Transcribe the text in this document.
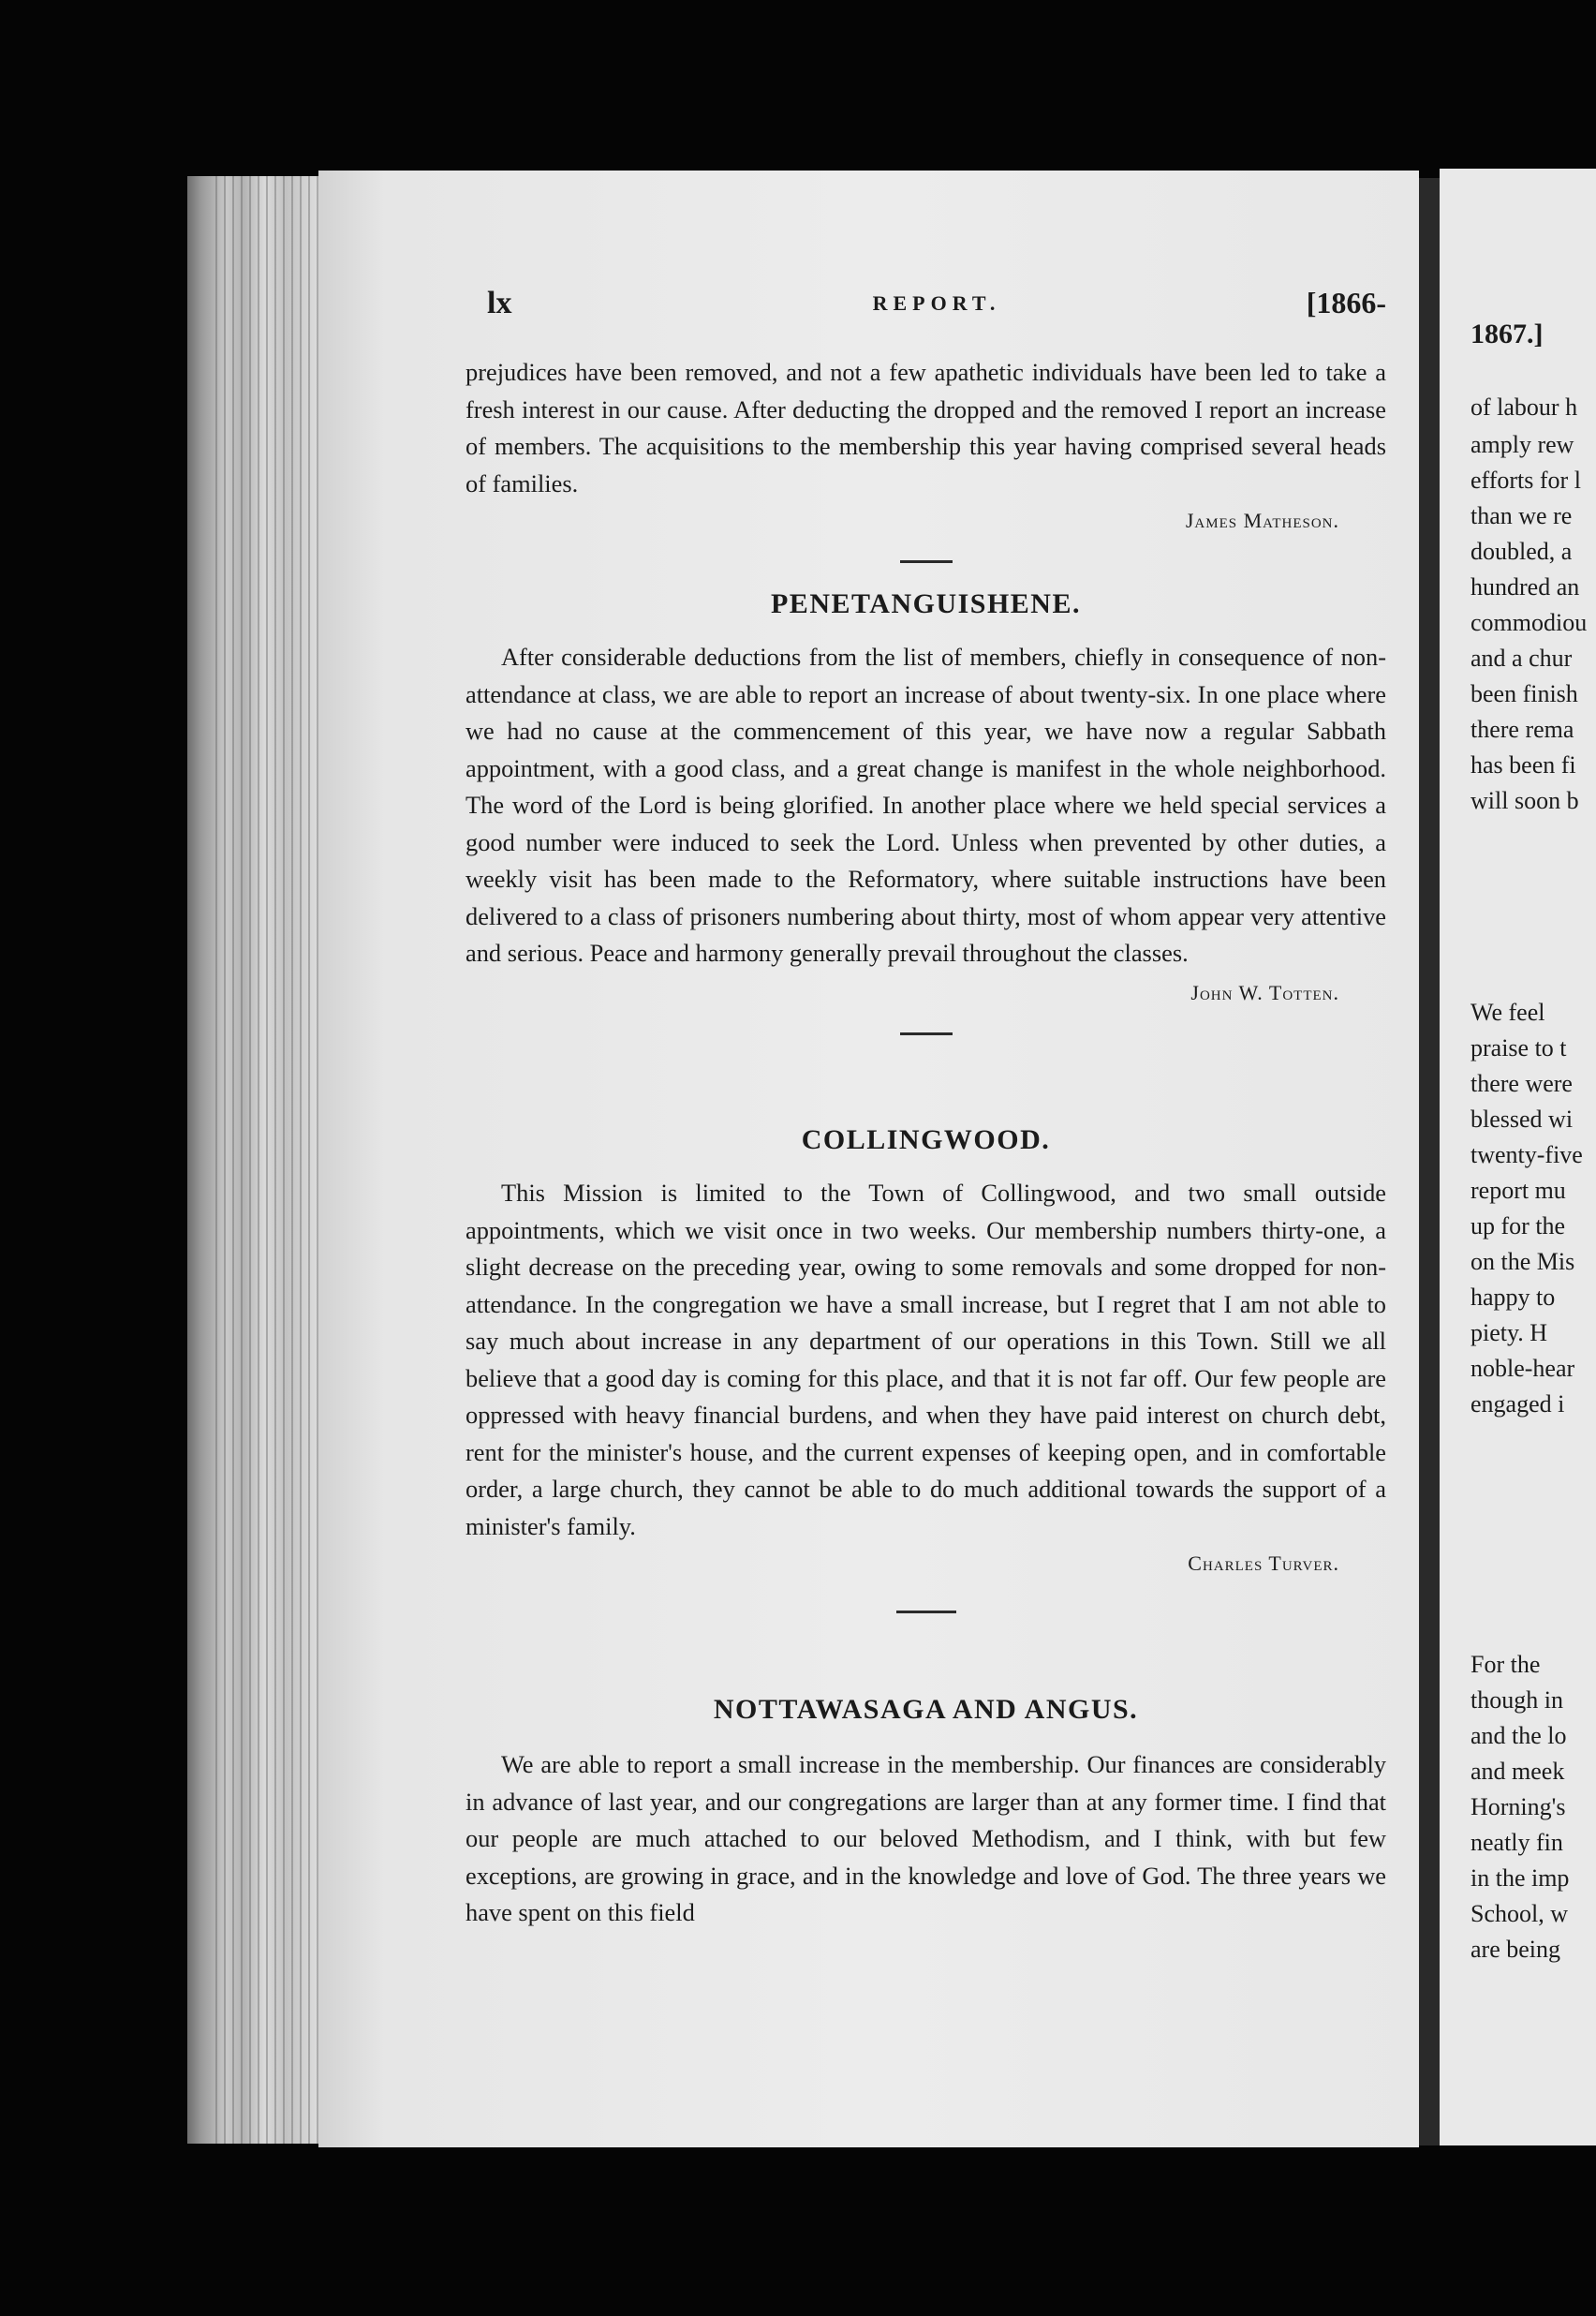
1867.]
of labour h
amply rew
efforts for l
than we re
doubled, a
hundred an
commodiou
and a chur
been finish
there rema
has been fi
will soon b
We feel
praise to t
there were
blessed wi
twenty-five
report mu
up for the
on the Mis
happy to
piety. H
noble-hear
engaged i
For the
though in
and the lo
and meek
Horning's
neatly fin
in the imp
School, w
are being
lx	REPORT.	[1866-

prejudices have been removed, and not a few apathetic individuals have been led to take a fresh interest in our cause. After deducting the dropped and the removed I report an increase of members. The acquisitions to the membership this year having comprised several heads of families.

James Matheson.

PENETANGUISHENE.

After considerable deductions from the list of members, chiefly in consequence of non-attendance at class, we are able to report an increase of about twenty-six. In one place where we had no cause at the commencement of this year, we have now a regular Sabbath appointment, with a good class, and a great change is manifest in the whole neighborhood. The word of the Lord is being glorified. In another place where we held special services a good number were induced to seek the Lord. Unless when prevented by other duties, a weekly visit has been made to the Reformatory, where suitable instructions have been delivered to a class of prisoners numbering about thirty, most of whom appear very attentive and serious. Peace and harmony generally prevail throughout the classes.

John W. Totten.

COLLINGWOOD.

This Mission is limited to the Town of Collingwood, and two small outside appointments, which we visit once in two weeks. Our membership numbers thirty-one, a slight decrease on the preceding year, owing to some removals and some dropped for non-attendance. In the congregation we have a small increase, but I regret that I am not able to say much about increase in any department of our operations in this Town. Still we all believe that a good day is coming for this place, and that it is not far off. Our few people are oppressed with heavy financial burdens, and when they have paid interest on church debt, rent for the minister's house, and the current expenses of keeping open, and in comfortable order, a large church, they cannot be able to do much additional towards the support of a minister's family.

Charles Turver.

NOTTAWASAGA AND ANGUS.

We are able to report a small increase in the membership. Our finances are considerably in advance of last year, and our congregations are larger than at any former time. I find that our people are much attached to our beloved Methodism, and I think, with but few exceptions, are growing in grace, and in the knowledge and love of God. The three years we have spent on this field
